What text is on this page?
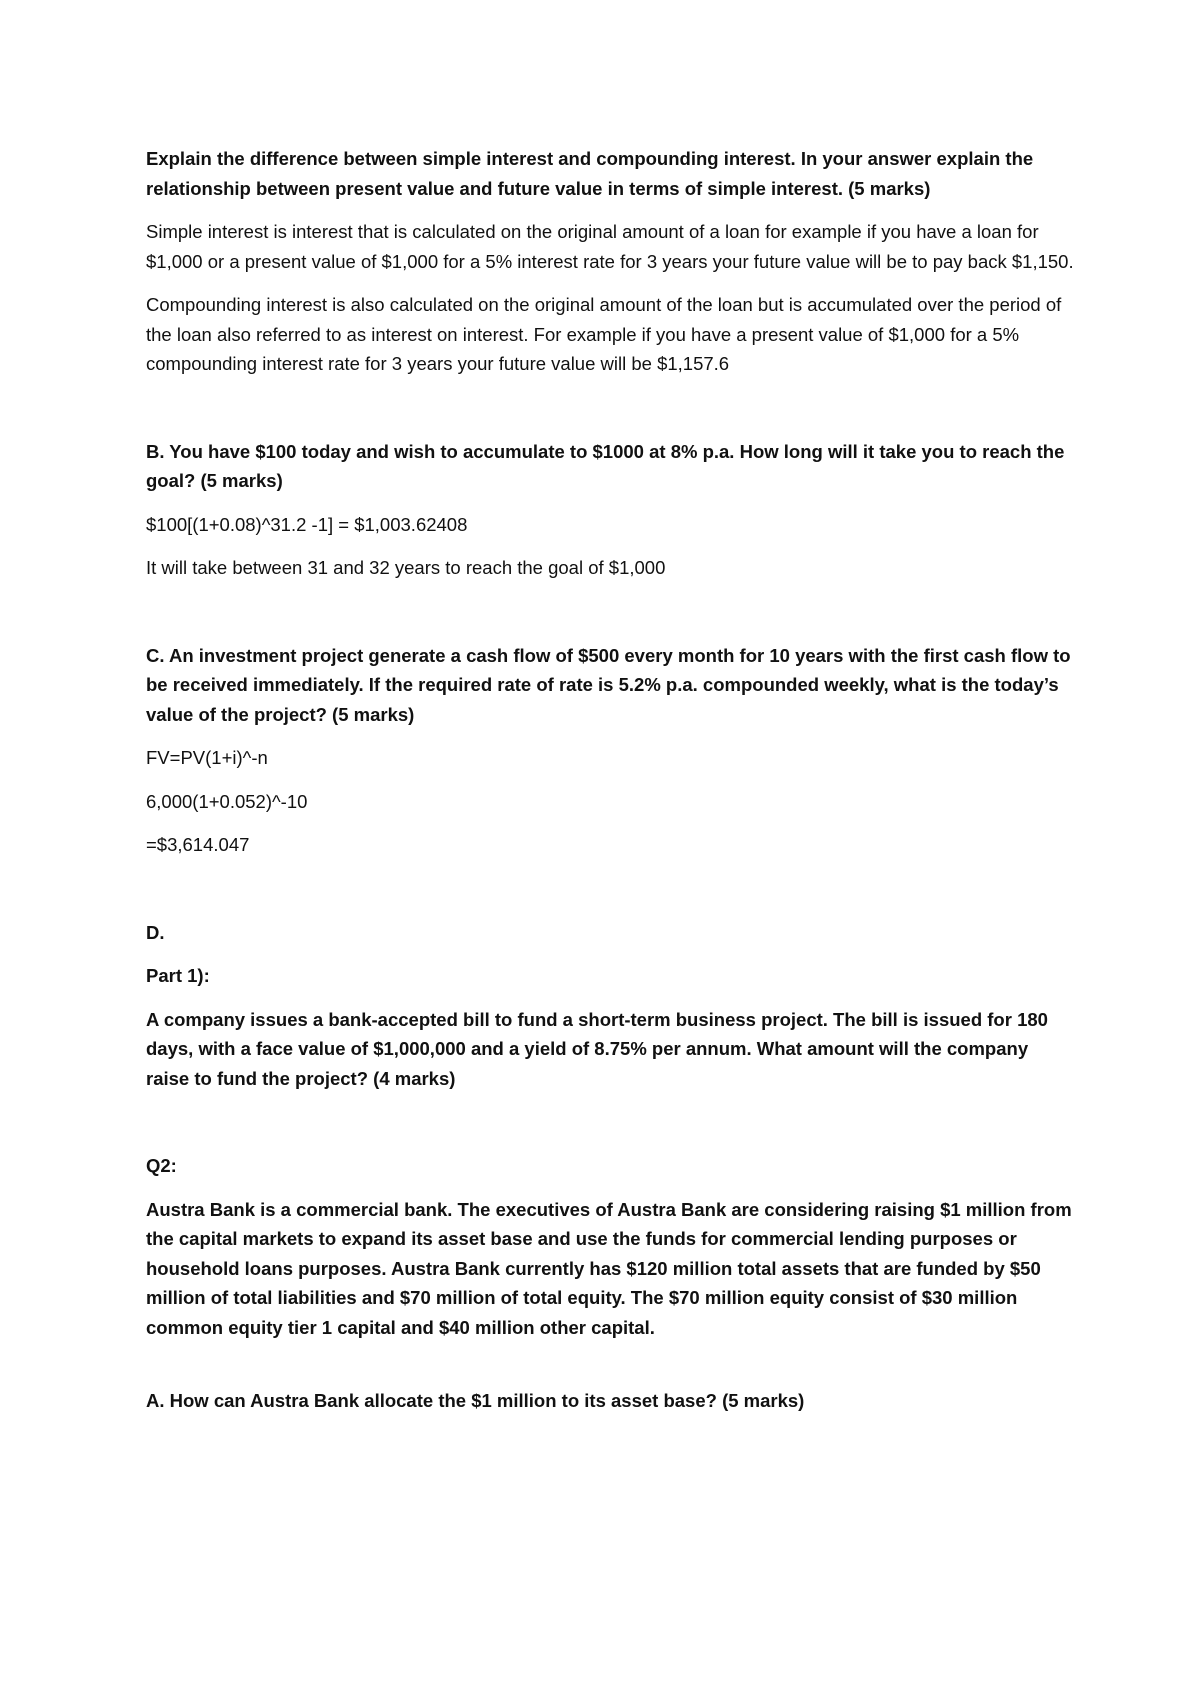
Explain the difference between simple interest and compounding interest. In your answer explain the relationship between present value and future value in terms of simple interest. (5 marks)

Simple interest is interest that is calculated on the original amount of a loan for example if you have a loan for $1,000 or a present value of $1,000 for a 5% interest rate for 3 years your future value will be to pay back $1,150.

Compounding interest is also calculated on the original amount of the loan but is accumulated over the period of the loan also referred to as interest on interest. For example if you have a present value of $1,000 for a 5% compounding interest rate for 3 years your future value will be $1,157.6

B. You have $100 today and wish to accumulate to $1000 at 8% p.a. How long will it take you to reach the goal? (5 marks)

$100[(1+0.08)^31.2 -1] = $1,003.62408

It will take between 31 and 32 years to reach the goal of $1,000

C. An investment project generate a cash flow of $500 every month for 10 years with the first cash flow to be received immediately. If the required rate of rate is 5.2% p.a. compounded weekly, what is the today’s value of the project? (5 marks)

FV=PV(1+i)^-n

6,000(1+0.052)^-10

=$3,614.047

D.

Part 1):

A company issues a bank-accepted bill to fund a short-term business project. The bill is issued for 180 days, with a face value of $1,000,000 and a yield of 8.75% per annum. What amount will the company raise to fund the project? (4 marks)

Q2:

Austra Bank is a commercial bank. The executives of Austra Bank are considering raising $1 million from the capital markets to expand its asset base and use the funds for commercial lending purposes or household loans purposes. Austra Bank currently has $120 million total assets that are funded by $50 million of total liabilities and $70 million of total equity. The $70 million equity consist of $30 million common equity tier 1 capital and $40 million other capital.

A. How can Austra Bank allocate the $1 million to its asset base? (5 marks)
